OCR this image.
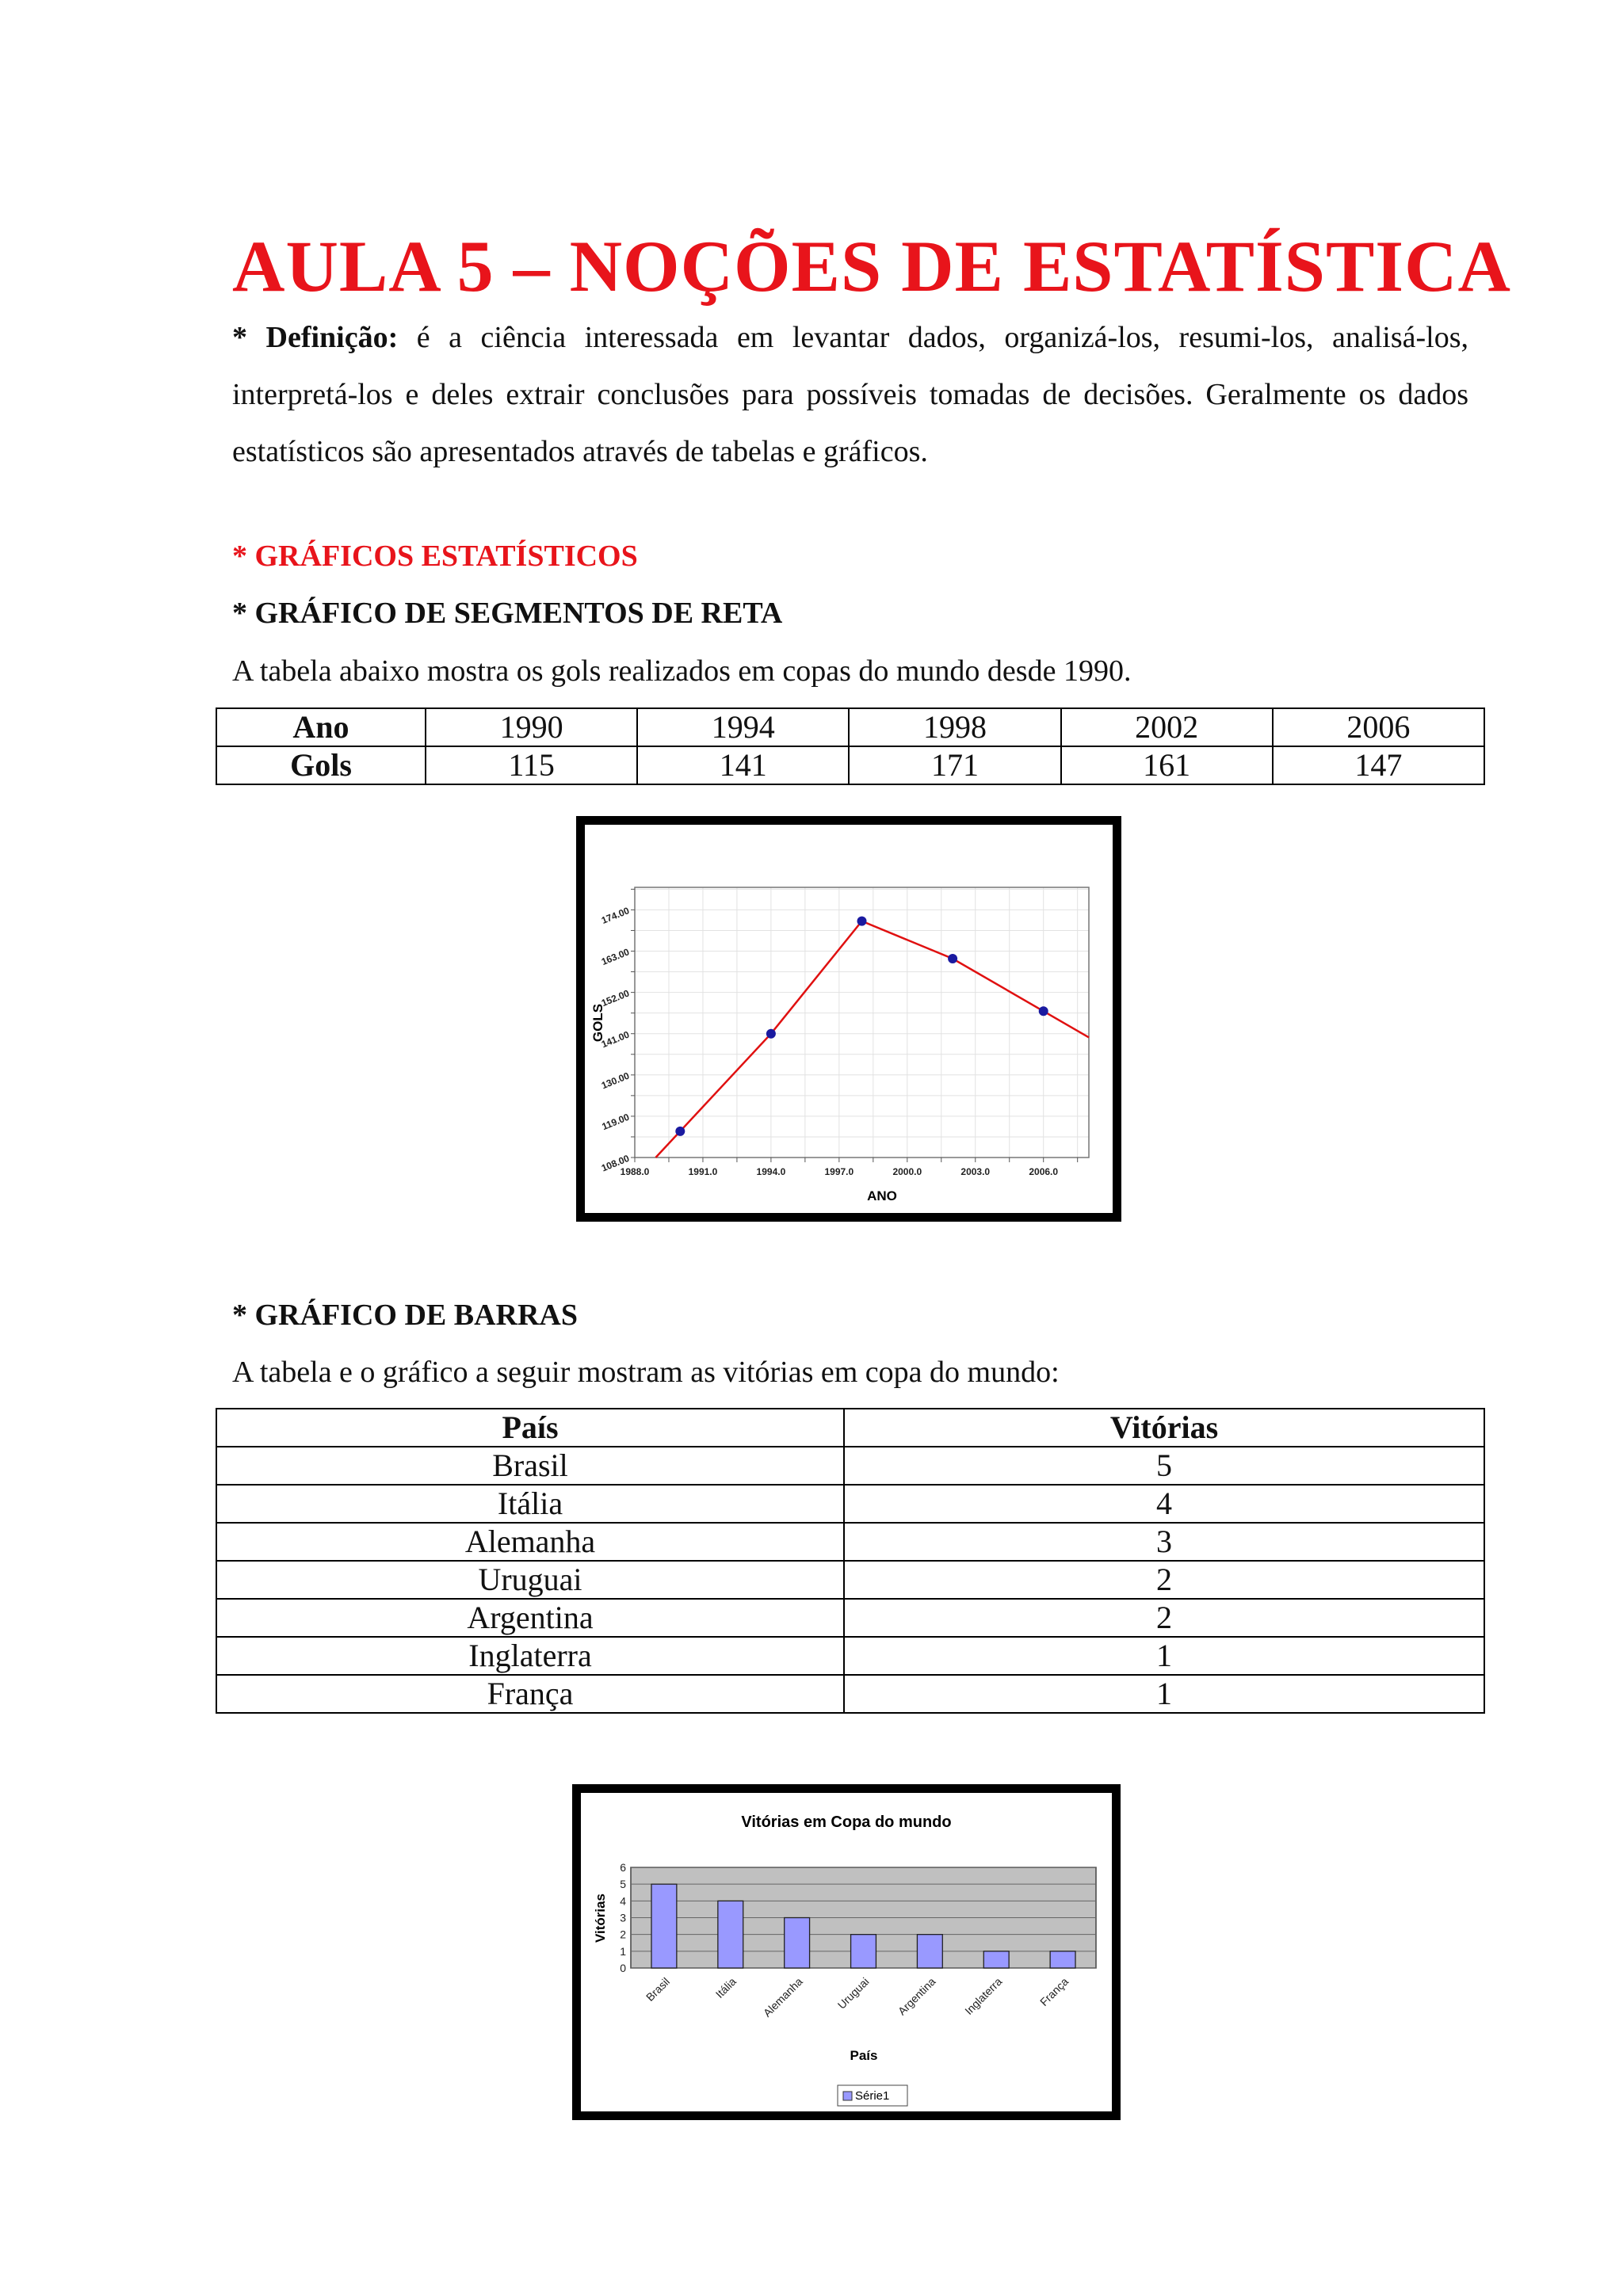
AULA 5 – NOÇÕES DE ESTATÍSTICA
* Definição: é a ciência interessada em levantar dados, organizá-los, resumi-los, analisá-los, interpretá-los e deles extrair conclusões para possíveis tomadas de decisões. Geralmente os dados estatísticos são apresentados através de tabelas e gráficos.
* GRÁFICOS ESTATÍSTICOS
* GRÁFICO DE SEGMENTOS DE RETA
A tabela abaixo mostra os gols realizados em copas do mundo desde 1990.
Ano	1990	1994	1998	2002	2006
Gols	115	141	171	161	147
1988.0	1991.0	1994.0	1997.0	2000.0	2003.0	2006.0
108.00
119.00
130.00
141.00
152.00
163.00
174.00
GOLS
ANO
* GRÁFICO DE BARRAS
A tabela e o gráfico a seguir mostram as vitórias em copa do mundo:
País	Vitórias
Brasil	5
Itália	4
Alemanha	3
Uruguai	2
Argentina	2
Inglaterra	1
França	1
Vitórias em Copa do mundo
0
1
2
3
4
5
6
Brasil	Itália Alemanha	Uruguai Argentina Inglaterra	França
Vitórias
País
Série1
